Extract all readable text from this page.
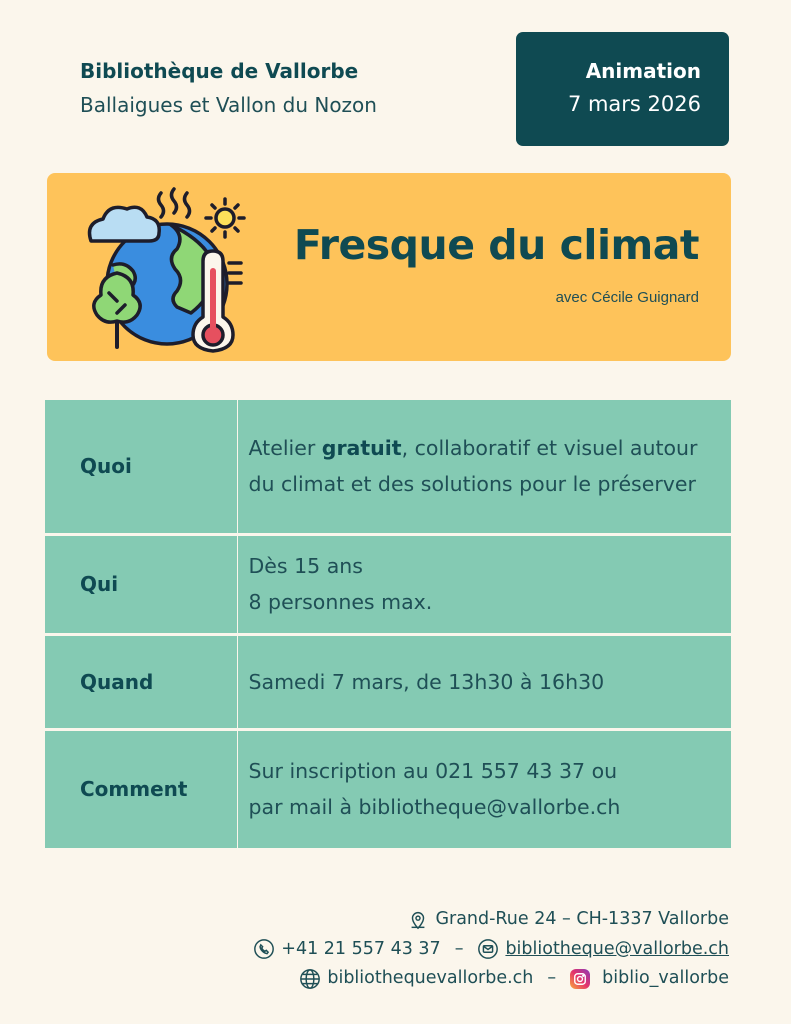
Bibliothèque de Vallorbe
Ballaigues et Vallon du Nozon
Animation
7 mars 2026
Fresque du climat
avec Cécile Guignard
Quoi	Atelier gratuit, collaboratif et visuel autour du climat et des solutions pour le préserver

Qui	Dès 15 ans
8 personnes max.

Quand	Samedi 7 mars, de 13h30 à 16h30
Comment	Sur inscription au 021 557 43 37 ou
par mail à bibliotheque@vallorbe.ch
Grand-Rue 24 – CH-1337 Vallorbe
+41 21 557 43 37 – bibliotheque@vallorbe.ch
bibliothequevallorbe.ch –	biblio_vallorbe
